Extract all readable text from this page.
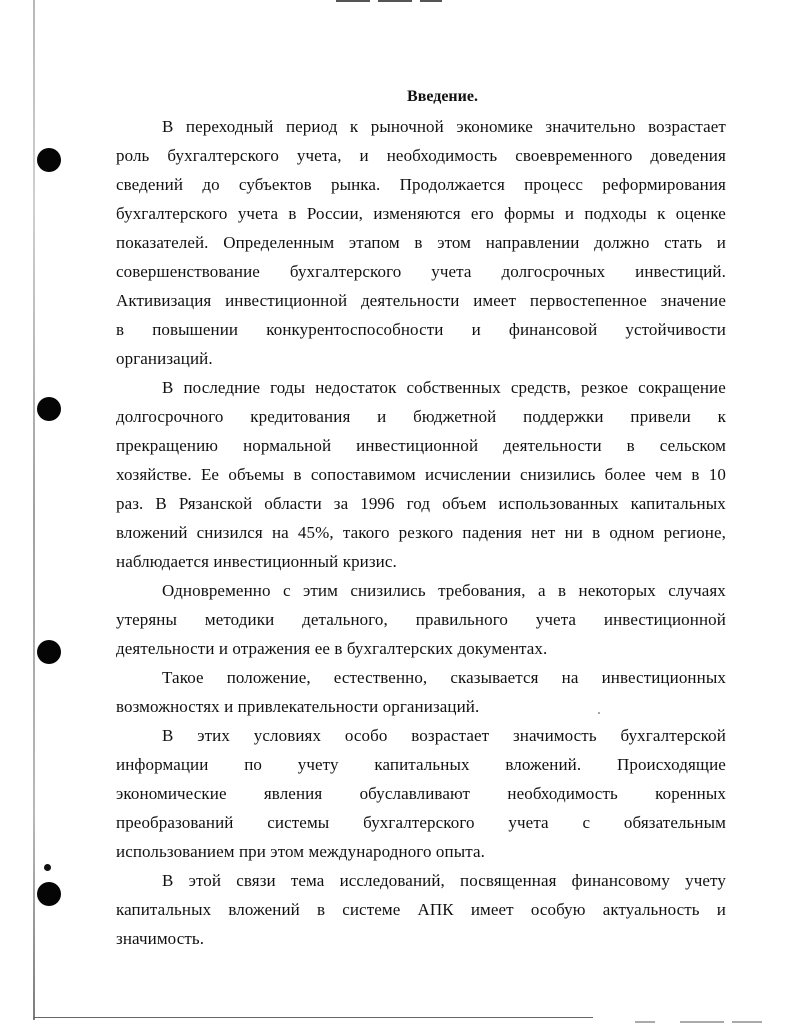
Введение.
В переходный период к рыночной экономике значительно возрастает
роль бухгалтерского учета, и необходимость своевременного доведения
сведений до субъектов рынка. Продолжается процесс реформирования
бухгалтерского учета в России, изменяются его формы и подходы к оценке
показателей. Определенным этапом в этом направлении должно стать и
совершенствование бухгалтерского учета долгосрочных инвестиций.
Активизация инвестиционной деятельности имеет первостепенное значение
в повышении конкурентоспособности и финансовой устойчивости
организаций.
В последние годы недостаток собственных средств, резкое сокращение
долгосрочного кредитования и бюджетной поддержки привели к
прекращению нормальной инвестиционной деятельности в сельском
хозяйстве. Ее объемы в сопоставимом исчислении снизились более чем в 10
раз. В Рязанской области за 1996 год объем использованных капитальных
вложений снизился на 45%, такого резкого падения нет ни в одном регионе,
наблюдается инвестиционный кризис.
Одновременно с этим снизились требования, а в некоторых случаях
утеряны методики детального, правильного учета инвестиционной
деятельности и отражения ее в бухгалтерских документах.
Такое положение, естественно, сказывается на инвестиционных
возможностях и привлекательности организаций.
В этих условиях особо возрастает значимость бухгалтерской
информации по учету капитальных вложений. Происходящие
экономические явления обуславливают необходимость коренных
преобразований системы бухгалтерского учета с обязательным
использованием при этом международного опыта.
В этой связи тема исследований, посвященная финансовому учету
капитальных вложений в системе АПК имеет особую актуальность и
значимость.
